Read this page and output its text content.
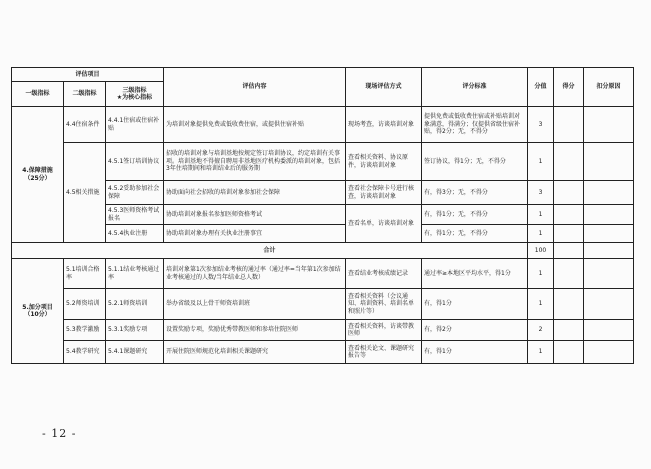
评估项目			评估内容	现场评估方式	评分标准	分值	得分	扣分原因
一级指标	二级指标	三级指标
★为核心指标						

4.保障措施
（25分）	4.4住宿条件	4.4.1住宿或住宿补贴	为培训对象提供免费或低收费住宿，或提供住宿补贴	现场考查，访谈培训对象	提供免费或低收费住宿或补贴培训对象满意，得满分；仅提供省级住宿补贴，得2分；无，不得分	3		
	4.5相关措施	4.5.1签订培训协议	招收的培训对象与培训基地按规定签订培训协议，约定培训有关事项。培训基地不得擅自聘用非基地医疗机构委派的培训对象，包括3年住培期间和培训结业后的服务期	查看相关资料、协议原件，访谈培训对象	签订协议，得1分；无，不得分	1		
		4.5.2妥助参加社会保障	协助面向社会招收的培训对象参加社会保障	查看社会保障卡号进行核查，访谈培训对象	有，得3分；无，不得分	3		
		4.5.3医师资格考试报名	协助培训对象报名参加医师资格考试	查看名单，访谈培训对象	有，得1分；无，不得分	1		
		4.5.4执业注册	协助培训对象办理有关执业注册事宜		有，得1分；无，不得分	1		
合计						100		

5.加分项目
（10分）	5.1培训合格率	5.1.1结业考核通过率	培训对象第1次参加结业考核的通过率（通过率=当年第1次参加结业考核通过的人数/当年结业总人数）	查看结业考核成绩记录	通过率≥本地区平均水平，得1分	1		
	5.2师资培训	5.2.1师资培训	举办省级及以上骨干师资培训班	查看相关资料（会议通知、培训资料、培训名单和照片等）	有，得1分	1		
	5.3教学激励	5.3.1奖励专项	设置奖励专项，奖励优秀带教医师和参培住院医师	查看相关资料，访谈带教医师	有，得2分	2		
	5.4教学研究	5.4.1课题研究	开展住院医师规范化培训相关课题研究	查看相关论文、课题研究报告等	有，得1分	1		
- 12 -
